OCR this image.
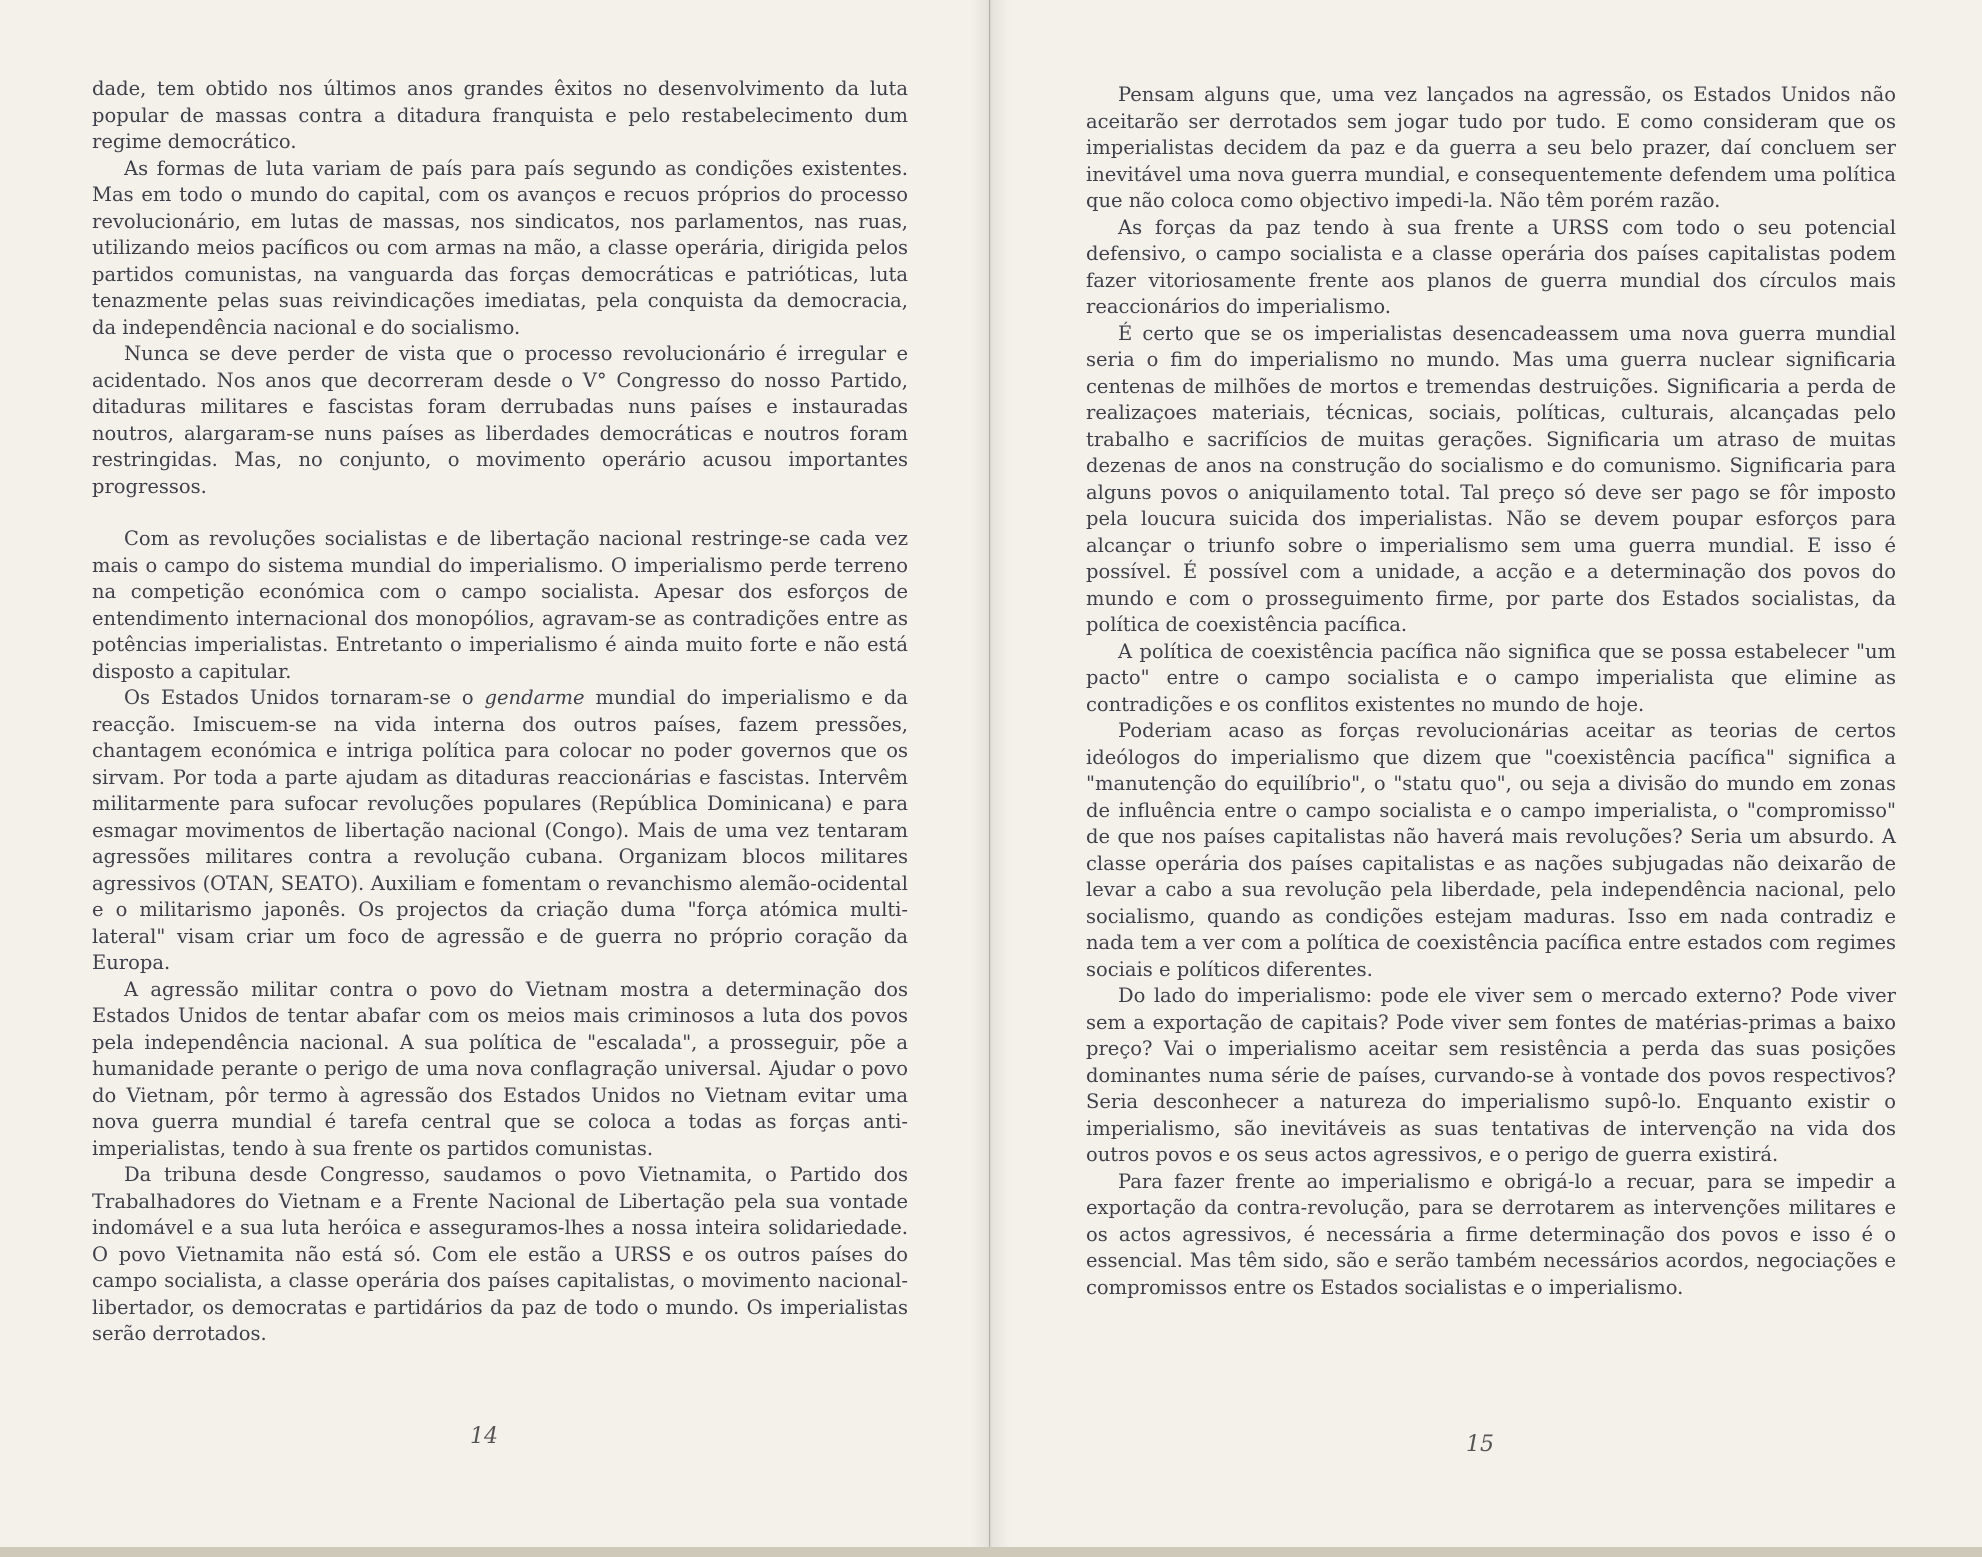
dade, tem obtido nos últimos anos grandes êxitos no desenvolvimento da luta popular de massas contra a ditadura franquista e pelo restabelecimento dum regime democrático.

As formas de luta variam de país para país segundo as condições existentes. Mas em todo o mundo do capital, com os avanços e recuos próprios do processo revolucionário, em lutas de massas, nos sindicatos, nos parlamentos, nas ruas, utilizando meios pacíficos ou com armas na mão, a classe operária, dirigida pelos partidos comunistas, na vanguarda das forças democráticas e patrióticas, luta tenazmente pelas suas reivindicações imediatas, pela conquista da democracia, da independência nacional e do socialismo.

Nunca se deve perder de vista que o processo revolucionário é irregular e acidentado. Nos anos que decorreram desde o V° Congresso do nosso Partido, ditaduras militares e fascistas foram derrubadas nuns países e instauradas noutros, alargaram-se nuns países as liberdades democráticas e noutros foram restringidas. Mas, no conjunto, o movimento operário acusou importantes progressos.

Com as revoluções socialistas e de libertação nacional restringe-se cada vez mais o campo do sistema mundial do imperialismo. O imperialismo perde terreno na competição económica com o campo socialista. Apesar dos esforços de entendimento internacional dos monopólios, agravam-se as contradições entre as potências imperialistas. Entretanto o imperialismo é ainda muito forte e não está disposto a capitular.

Os Estados Unidos tornaram-se o gendarme mundial do imperialismo e da reacção. Imiscuem-se na vida interna dos outros países, fazem pressões, chantagem económica e intriga política para colocar no poder governos que os sirvam. Por toda a parte ajudam as ditaduras reaccionárias e fascistas. Intervêm militarmente para sufocar revoluções populares (República Dominicana) e para esmagar movimentos de libertação nacional (Congo). Mais de uma vez tentaram agressões militares contra a revolução cubana. Organizam blocos militares agressivos (OTAN, SEATO). Auxiliam e fomentam o revanchismo alemão-ocidental e o militarismo japonês. Os projectos da criação duma "força atómica multi-lateral" visam criar um foco de agressão e de guerra no próprio coração da Europa.

A agressão militar contra o povo do Vietnam mostra a determinação dos Estados Unidos de tentar abafar com os meios mais criminosos a luta dos povos pela independência nacional. A sua política de "escalada", a prosseguir, põe a humanidade perante o perigo de uma nova conflagração universal. Ajudar o povo do Vietnam, pôr termo à agressão dos Estados Unidos no Vietnam evitar uma nova guerra mundial é tarefa central que se coloca a todas as forças anti-imperialistas, tendo à sua frente os partidos comunistas.

Da tribuna desde Congresso, saudamos o povo Vietnamita, o Partido dos Trabalhadores do Vietnam e a Frente Nacional de Libertação pela sua vontade indomável e a sua luta heróica e asseguramos-lhes a nossa inteira solidariedade. O povo Vietnamita não está só. Com ele estão a URSS e os outros países do campo socialista, a classe operária dos países capitalistas, o movimento nacional-libertador, os democratas e partidários da paz de todo o mundo. Os imperialistas serão derrotados.

14

Pensam alguns que, uma vez lançados na agressão, os Estados Unidos não aceitarão ser derrotados sem jogar tudo por tudo. E como consideram que os imperialistas decidem da paz e da guerra a seu belo prazer, daí concluem ser inevitável uma nova guerra mundial, e consequentemente defendem uma política que não coloca como objectivo impedi-la. Não têm porém razão.

As forças da paz tendo à sua frente a URSS com todo o seu potencial defensivo, o campo socialista e a classe operária dos países capitalistas podem fazer vitoriosamente frente aos planos de guerra mundial dos círculos mais reaccionários do imperialismo.

É certo que se os imperialistas desencadeassem uma nova guerra mundial seria o fim do imperialismo no mundo. Mas uma guerra nuclear significaria centenas de milhões de mortos e tremendas destruições. Significaria a perda de realizaçoes materiais, técnicas, sociais, políticas, culturais, alcançadas pelo trabalho e sacrifícios de muitas gerações. Significaria um atraso de muitas dezenas de anos na construção do socialismo e do comunismo. Significaria para alguns povos o aniquilamento total. Tal preço só deve ser pago se fôr imposto pela loucura suicida dos imperialistas. Não se devem poupar esforços para alcançar o triunfo sobre o imperialismo sem uma guerra mundial. E isso é possível. É possível com a unidade, a acção e a determinação dos povos do mundo e com o prosseguimento firme, por parte dos Estados socialistas, da política de coexistência pacífica.

A política de coexistência pacífica não significa que se possa estabelecer "um pacto" entre o campo socialista e o campo imperialista que elimine as contradições e os conflitos existentes no mundo de hoje.

Poderiam acaso as forças revolucionárias aceitar as teorias de certos ideólogos do imperialismo que dizem que "coexistência pacífica" significa a "manutenção do equilíbrio", o "statu quo", ou seja a divisão do mundo em zonas de influência entre o campo socialista e o campo imperialista, o "compromisso" de que nos países capitalistas não haverá mais revoluções? Seria um absurdo. A classe operária dos países capitalistas e as nações subjugadas não deixarão de levar a cabo a sua revolução pela liberdade, pela independência nacional, pelo socialismo, quando as condições estejam maduras. Isso em nada contradiz e nada tem a ver com a política de coexistência pacífica entre estados com regimes sociais e políticos diferentes.

Do lado do imperialismo: pode ele viver sem o mercado externo? Pode viver sem a exportação de capitais? Pode viver sem fontes de matérias-primas a baixo preço? Vai o imperialismo aceitar sem resistência a perda das suas posições dominantes numa série de países, curvando-se à vontade dos povos respectivos? Seria desconhecer a natureza do imperialismo supô-lo. Enquanto existir o imperialismo, são inevitáveis as suas tentativas de intervenção na vida dos outros povos e os seus actos agressivos, e o perigo de guerra existirá.

Para fazer frente ao imperialismo e obrigá-lo a recuar, para se impedir a exportação da contra-revolução, para se derrotarem as intervenções militares e os actos agressivos, é necessária a firme determinação dos povos e isso é o essencial. Mas têm sido, são e serão também necessários acordos, negociações e compromissos entre os Estados socialistas e o imperialismo.

15
